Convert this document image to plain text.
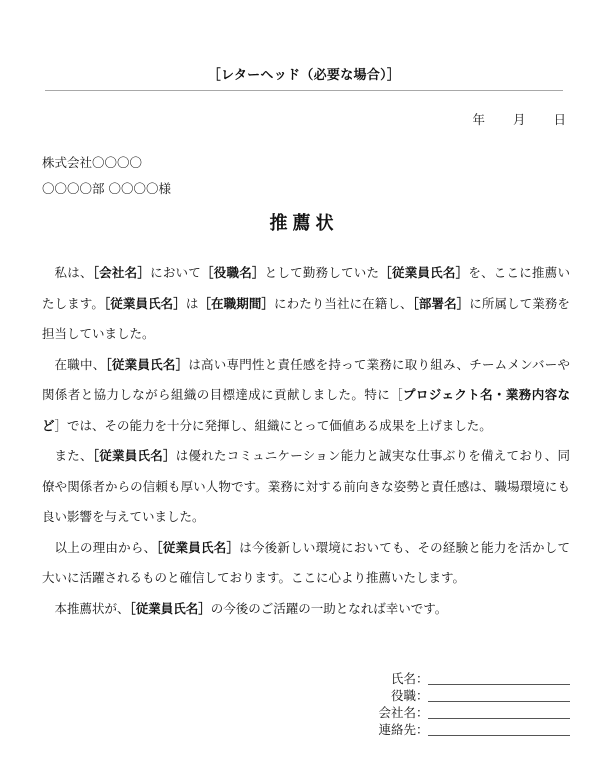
［レターヘッド（必要な場合）］
年 月 日
株式会社〇〇〇〇
〇〇〇〇部 〇〇〇〇様
推薦状

私は、［会社名］において［役職名］として勤務していた［従業員氏名］を、ここに推薦いたします。［従業員氏名］は［在職期間］にわたり当社に在籍し、［部署名］に所属して業務を担当していました。

在職中、［従業員氏名］は高い専門性と責任感を持って業務に取り組み、チームメンバーや関係者と協力しながら組織の目標達成に貢献しました。特に［プロジェクト名・業務内容など］では、その能力を十分に発揮し、組織にとって価値ある成果を上げました。

また、［従業員氏名］は優れたコミュニケーション能力と誠実な仕事ぶりを備えており、同僚や関係者からの信頼も厚い人物です。業務に対する前向きな姿勢と責任感は、職場環境にも良い影響を与えていました。

以上の理由から、［従業員氏名］は今後新しい環境においても、その経験と能力を活かして大いに活躍されるものと確信しております。ここに心より推薦いたします。

本推薦状が、［従業員氏名］の今後のご活躍の一助となれば幸いです。

氏名 ：
役職 ：
会社名 ：
連絡先 ：
